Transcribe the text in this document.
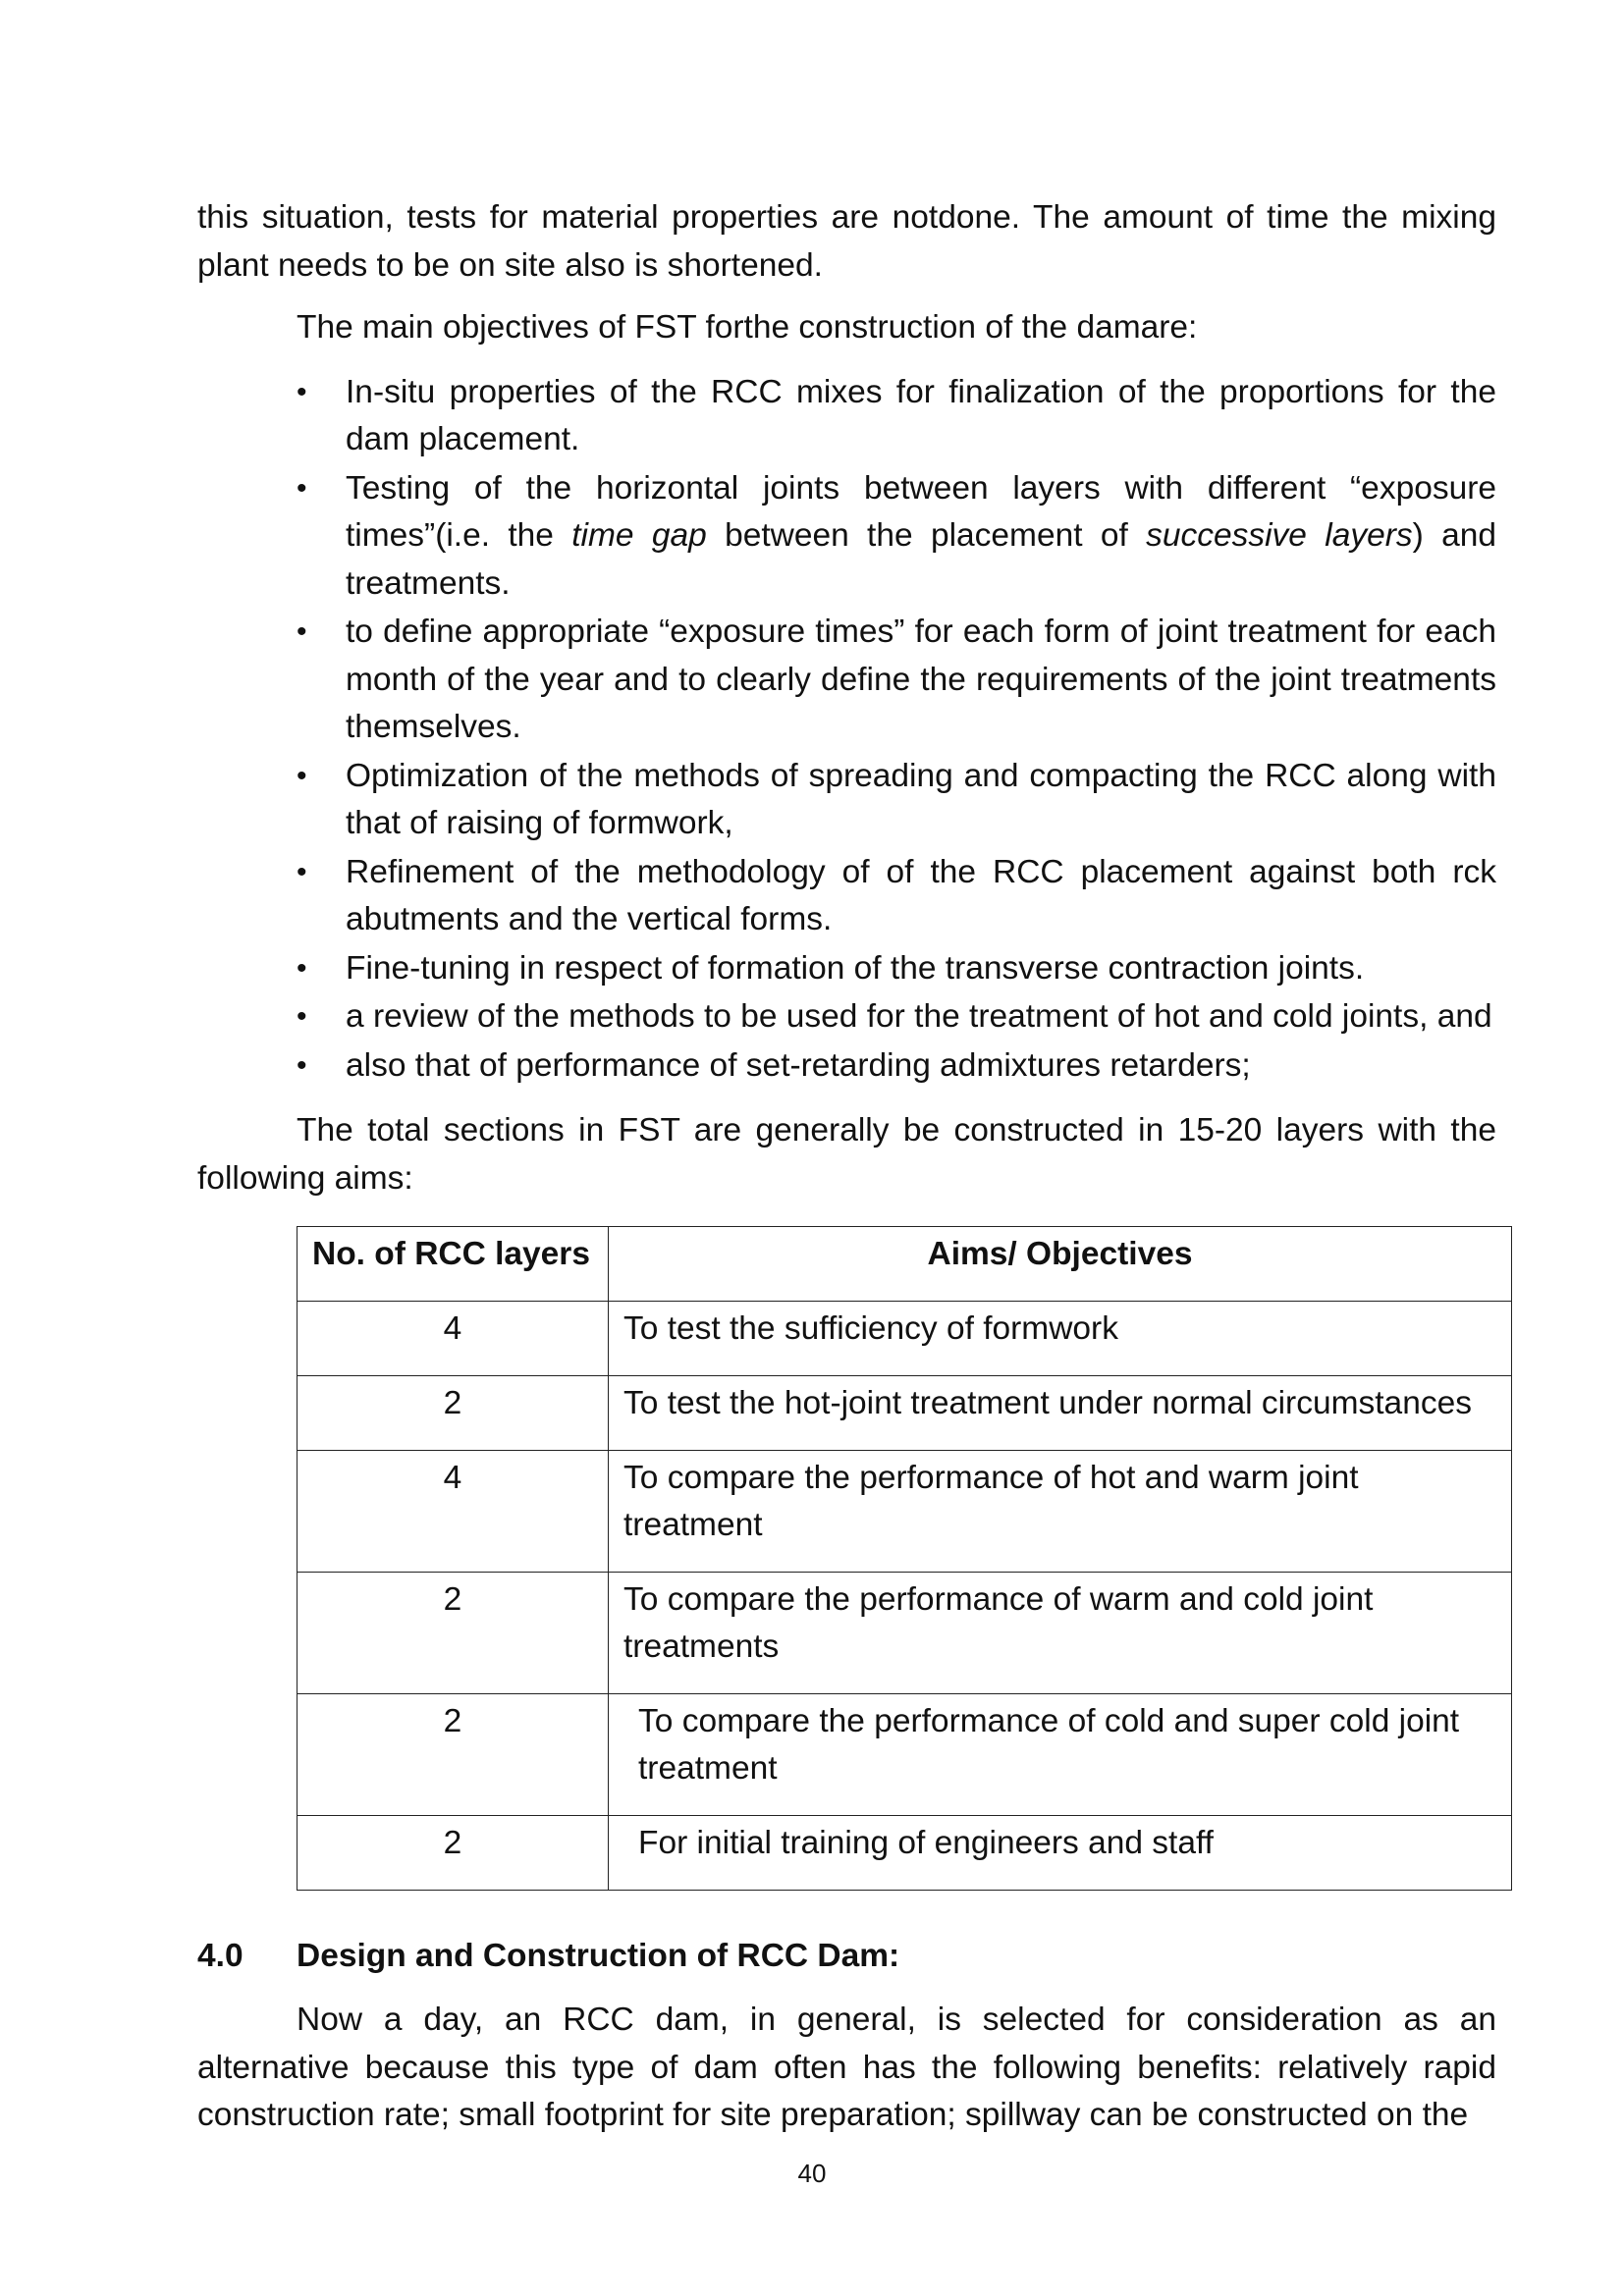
this situation, tests for material properties are notdone. The amount of time the mixing plant needs to be on site also is shortened.

The main objectives of FST forthe construction of the damare:

•	In-situ properties of the RCC mixes for finalization of the proportions for the dam placement.
•	Testing of the horizontal joints between layers with different “exposure times”(i.e. the time gap between the placement of successive layers) and treatments.
•	to define appropriate “exposure times” for each form of joint treatment for each month of the year and to clearly define the requirements of the joint treatments themselves.
•	Optimization of the methods of spreading and compacting the RCC along with that of raising of formwork,
•	Refinement of the methodology of of the RCC placement against both rck abutments and the vertical forms.
•	Fine-tuning in respect of formation of the transverse contraction joints.
•	a review of the methods to be used for the treatment of hot and cold joints, and
•	also that of performance of set-retarding admixtures retarders;

The total sections in FST are generally be constructed in 15-20 layers with the following aims:

No. of RCC layers	Aims/ Objectives
4	To test the sufficiency of formwork
2	To test the hot-joint treatment under normal circumstances
4	To compare the performance of hot and warm joint treatment
2	To compare the performance of warm and cold joint treatments
2	To compare the performance of cold and super cold joint treatment
2	For initial training of engineers and staff
4.0	Design and Construction of RCC Dam:

Now a day, an RCC dam, in general, is selected for consideration as an alternative because this type of dam often has the following benefits: relatively rapid construction rate; small footprint for site preparation; spillway can be constructed on the

40
